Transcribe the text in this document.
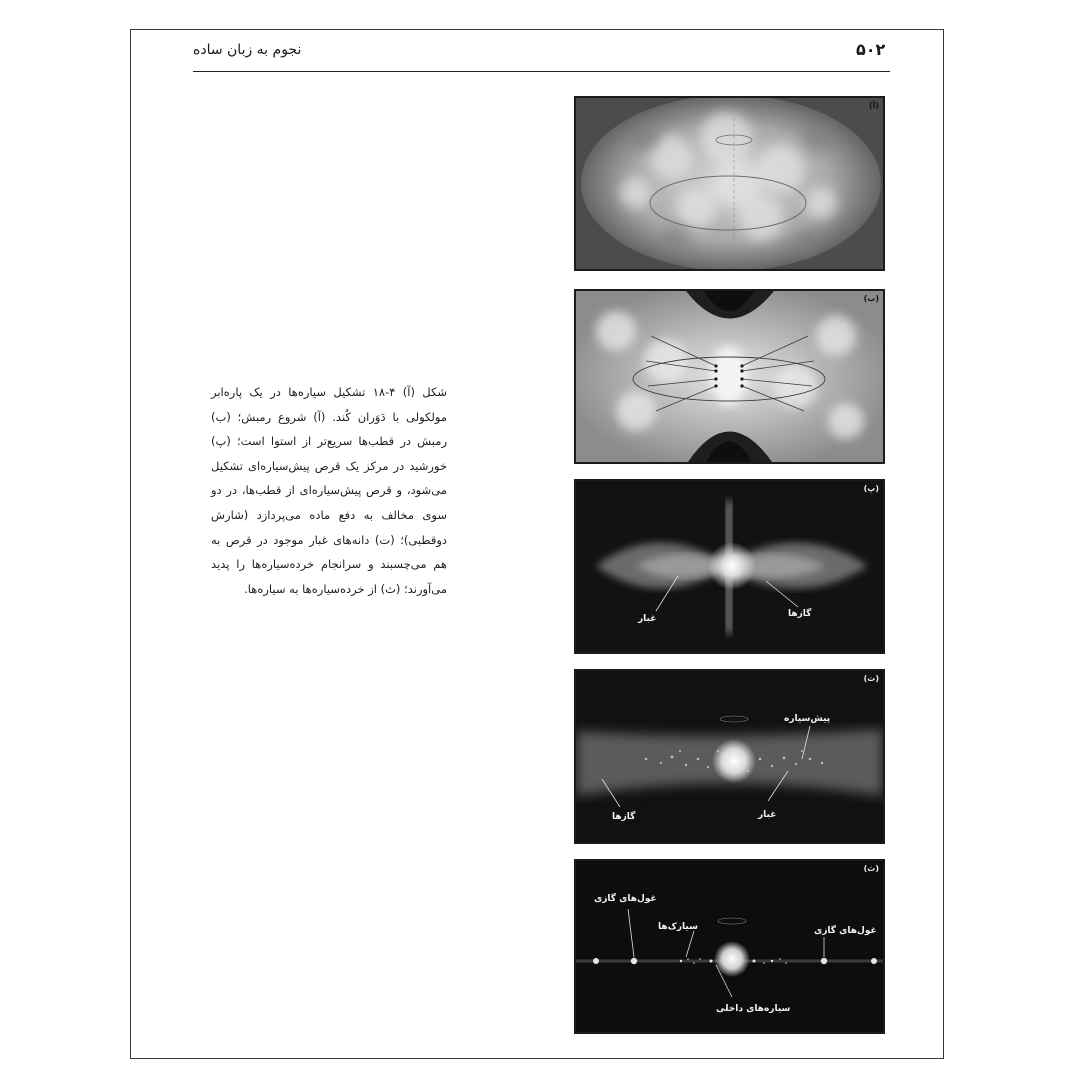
۵۰۲
نجوم به زبان ساده
شکل (آ) ۴-۱۸ تشکیل سیاره‌ها در یک پاره‌ابر مولکولی با دَوَران کُند. (آ) شروع رمبش؛ (ب) رمبش در قطب‌ها سریع‌تر از استوا است؛ (پ) خورشید در مرکز یک قرص پیش‌سیاره‌ای تشکیل می‌شود، و قرص پیش‌سیاره‌ای از قطب‌ها، در دو سوی مخالف به دفع ماده می‌پردازد (شارش دوقطبی)؛ (ت) دانه‌های غبار موجود در قرص به هم می‌چسبند و سرانجام خرده‌سیاره‌ها را پدید می‌آورند؛ (ث) از خرده‌سیاره‌ها به سیاره‌ها.
(آ)
(ب)
غبار	گازها
(پ)
پیش‌سیاره
گازها	غبار
(ت)
غول‌های گازی
سیارک‌ها	غول‌های گازی
سیاره‌های داخلی
(ث)
